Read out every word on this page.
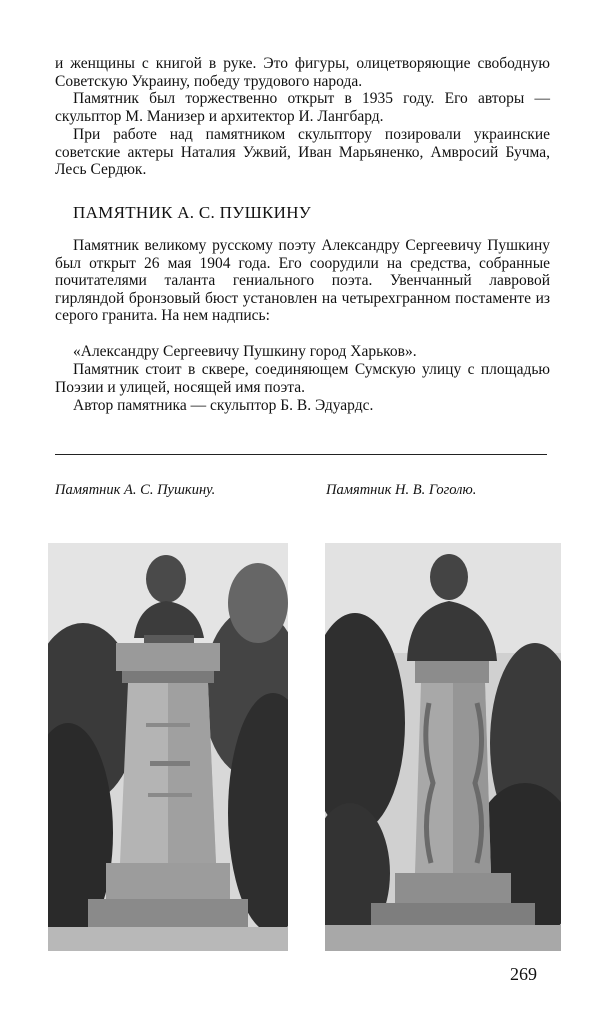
и женщины с книгой в руке. Это фигуры, олицетворяющие свободную Советскую Украину, победу трудового народа.

Памятник был торжественно открыт в 1935 году. Его авторы — скульптор М. Манизер и архитектор И. Лангбард.

При работе над памятником скульптору позировали украинские советские актеры Наталия Ужвий, Иван Марьяненко, Амвросий Бучма, Лесь Сердюк.

ПАМЯТНИК А. С. ПУШКИНУ

Памятник великому русскому поэту Александру Сергеевичу Пушкину был открыт 26 мая 1904 года. Его соорудили на средства, собранные почитателями таланта гениального поэта. Увенчанный лавровой гирляндой бронзовый бюст установлен на четырехгранном постаменте из серого гранита. На нем надпись:

«Александру Сергеевичу Пушкину город Харьков».

Памятник стоит в сквере, соединяющем Сумскую улицу с площадью Поэзии и улицей, носящей имя поэта.

Автор памятника — скульптор Б. В. Эдуардс.

Памятник А. С. Пушкину.	Памятник Н. В. Гоголю.

269
